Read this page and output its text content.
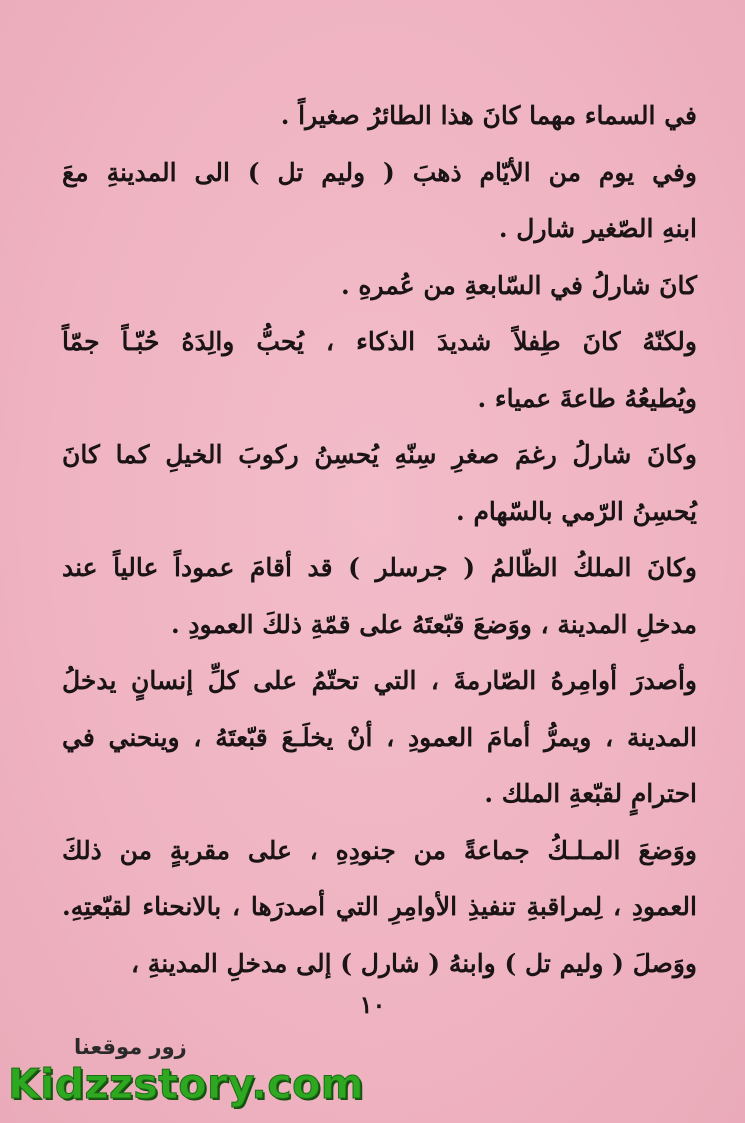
في السماء مهما كانَ هذا الطائرُ صغيراً .
وفي يوم من الأيّام ذهبَ ( وليم تل ) الى المدينةِ معَ
ابنهِ الصّغير شارل .
كانَ شارلُ في السّابعةِ من عُمرهِ .
ولكنّهُ كانَ طِفلاً شديدَ الذكاء ، يُحبُّ والِدَهُ حُبّـاً جمّاً
ويُطيعُهُ طاعةَ عمياء .
وكانَ شارلُ رغمَ صغرِ سِنّهِ يُحسِنُ ركوبَ الخيلِ كما كانَ
يُحسِنُ الرّمي بالسّهام .
وكانَ الملكُ الظّالمُ ( جرسلر ) قد أقامَ عموداً عالياً عند
مدخلِ المدينة ، ووَضعَ قبّعتَهُ على قمّةِ ذلكَ العمودِ .
وأصدرَ أوامِرهُ الصّارمةَ ، التي تحتّمُ على كلِّ إنسانٍ يدخلُ
المدينة ، ويمرُّ أمامَ العمودِ ، أنْ يخلَـعَ قبّعتَهُ ، وينحني في
احترامٍ لقبّعةِ الملك .
ووَضعَ المـلـكُ جماعةً من جنودِهِ ، على مقربةٍ من ذلكَ
العمودِ ، لِمراقبةِ تنفيذِ الأوامِرِ التي أصدرَها ، بالانحناء لقبّعتِهِ.
ووَصلَ ( وليم تل ) وابنهُ ( شارل ) إلى مدخلِ المدينةِ ،
١٠
زور موقعنا
Kidzzstory.com
